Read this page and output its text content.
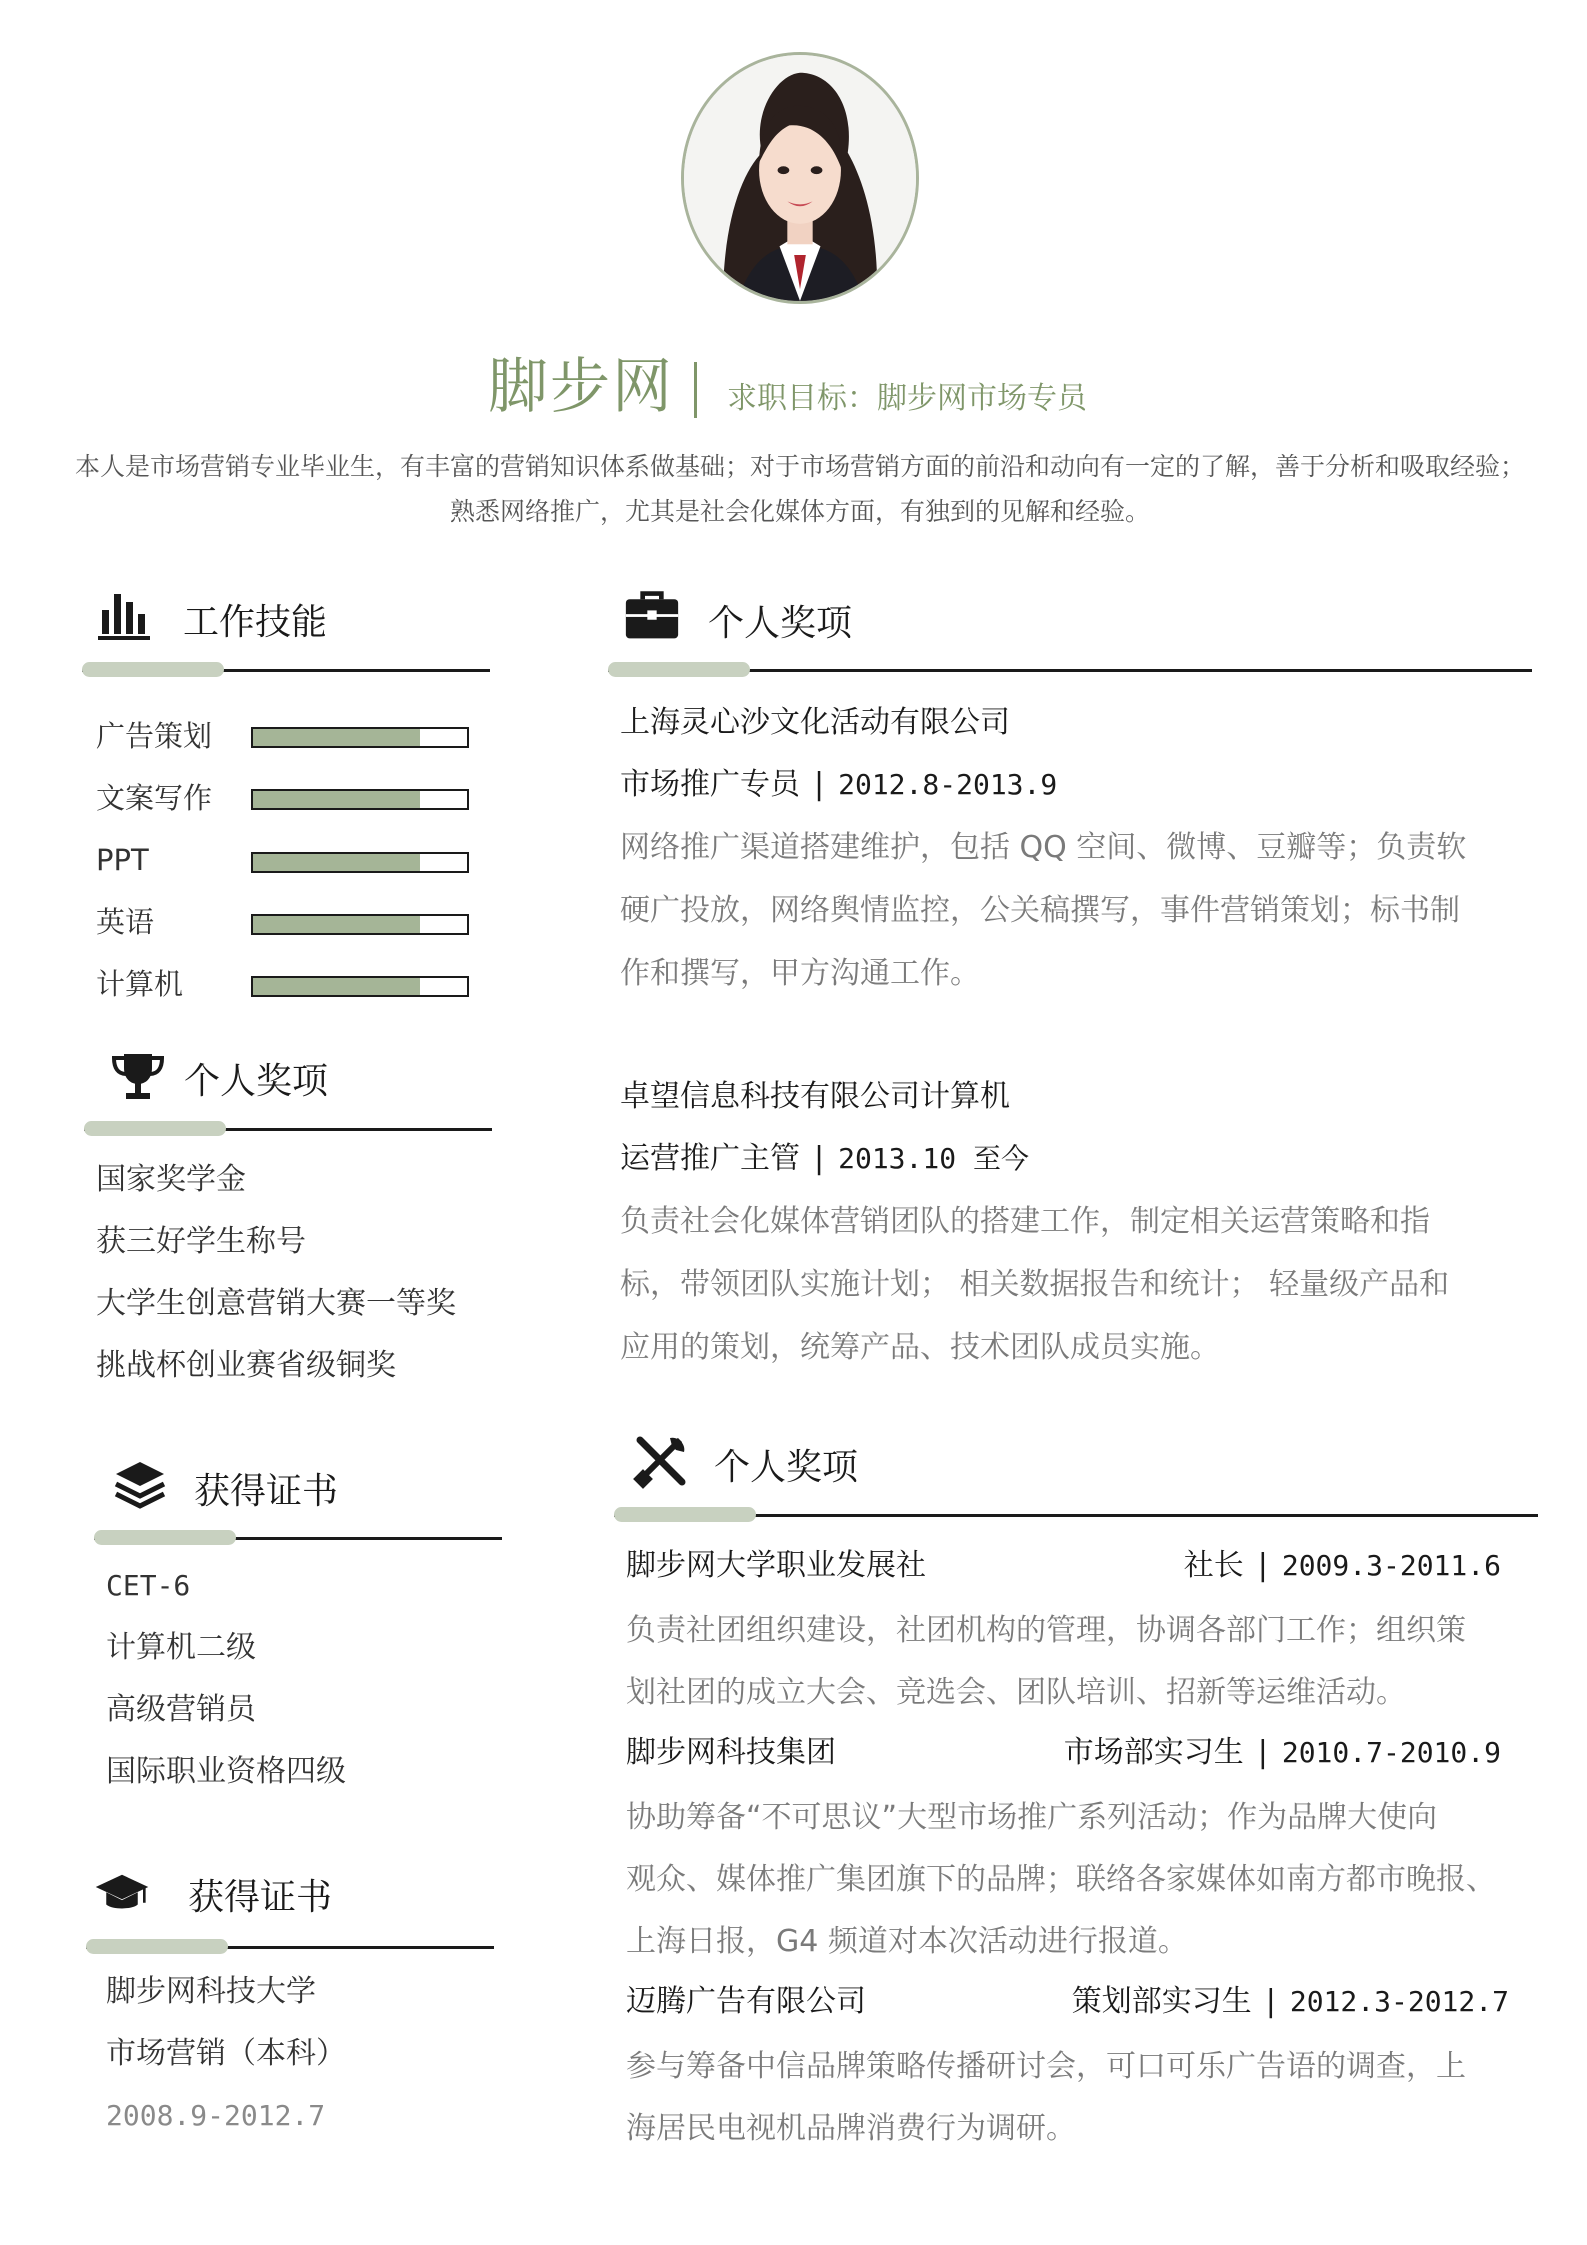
脚步网 求职目标：脚步网市场专员
本人是市场营销专业毕业生，有丰富的营销知识体系做基础；对于市场营销方面的前沿和动向有一定的了解，善于分析和吸取经验；熟悉网络推广，尤其是社会化媒体方面，有独到的见解和经验。
工作技能
广告策划
文案写作
PPT
英语
计算机
个人奖项
国家奖学金
获三好学生称号
大学生创意营销大赛一等奖
挑战杯创业赛省级铜奖
获得证书
CET-6
计算机二级
高级营销员
国际职业资格四级
获得证书
脚步网科技大学
市场营销（本科）
2008.9-2012.7
个人奖项
上海灵心沙文化活动有限公司
市场推广专员 | 2012.8-2013.9
网络推广渠道搭建维护，包括 QQ 空间、微博、豆瓣等；负责软
硬广投放，网络舆情监控，公关稿撰写，事件营销策划；标书制
作和撰写，甲方沟通工作。
卓望信息科技有限公司计算机
运营推广主管 | 2013.10 至今
负责社会化媒体营销团队的搭建工作，制定相关运营策略和指
标，带领团队实施计划； 相关数据报告和统计； 轻量级产品和
应用的策划，统筹产品、技术团队成员实施。
个人奖项
脚步网大学职业发展社	社长 | 2009.3-2011.6
负责社团组织建设，社团机构的管理，协调各部门工作；组织策
划社团的成立大会、竞选会、团队培训、招新等运维活动。
脚步网科技集团	市场部实习生 | 2010.7-2010.9
协助筹备“不可思议”大型市场推广系列活动；作为品牌大使向
观众、媒体推广集团旗下的品牌；联络各家媒体如南方都市晚报、
上海日报，G4 频道对本次活动进行报道。
迈腾广告有限公司	策划部实习生 | 2012.3-2012.7
参与筹备中信品牌策略传播研讨会，可口可乐广告语的调查，上
海居民电视机品牌消费行为调研。
